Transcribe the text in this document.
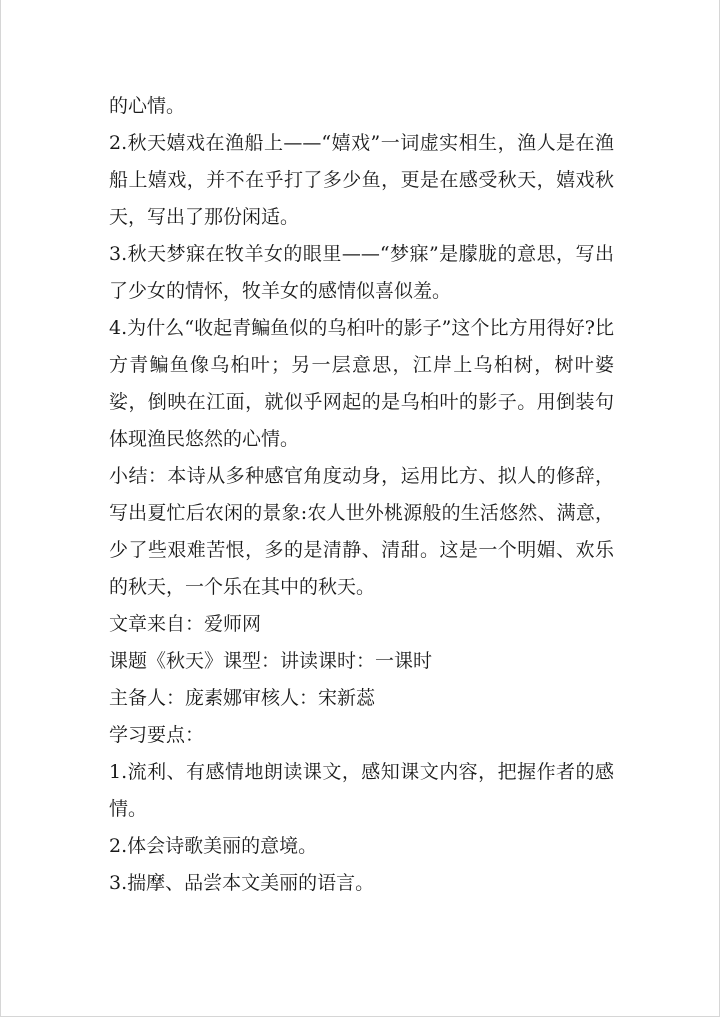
的心情。

2.秋天嬉戏在渔船上——“嬉戏”一词虚实相生，渔人是在渔船上嬉戏，并不在乎打了多少鱼，更是在感受秋天，嬉戏秋天，写出了那份闲适。

3.秋天梦寐在牧羊女的眼里——“梦寐”是朦胧的意思，写出了少女的情怀，牧羊女的感情似喜似羞。

4.为什么“收起青鳊鱼似的乌桕叶的影子”这个比方用得好?比方青鳊鱼像乌桕叶；另一层意思，江岸上乌桕树，树叶婆娑，倒映在江面，就似乎网起的是乌桕叶的影子。用倒装句体现渔民悠然的心情。

小结：本诗从多种感官角度动身，运用比方、拟人的修辞，写出夏忙后农闲的景象:农人世外桃源般的生活悠然、满意，少了些艰难苦恨，多的是清静、清甜。这是一个明媚、欢乐的秋天，一个乐在其中的秋天。

文章来自：爱师网

课题《秋天》课型：讲读课时：一课时

主备人：庞素娜审核人：宋新蕊

学习要点：

1.流利、有感情地朗读课文，感知课文内容，把握作者的感情。

2.体会诗歌美丽的意境。

3.揣摩、品尝本文美丽的语言。
